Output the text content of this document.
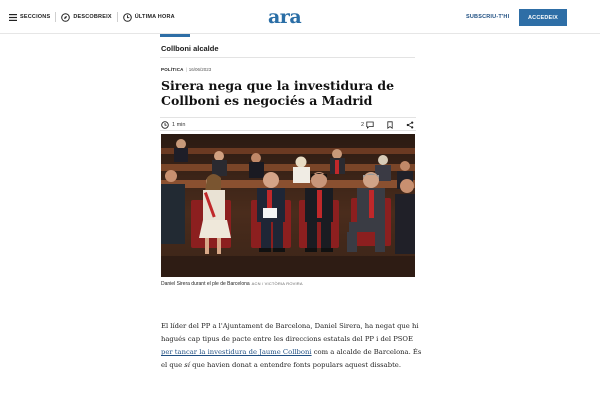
SECCIONS	DESCOBREIX	ÚLTIMA HORA	ara	SUBSCRIU-T'HI	ACCEDEIX
Collboni alcalde
POLÍTICA | 16/06/2023
Sirera nega que la investidura de Collboni es negociés a Madrid
1 min	2
Daniel Sirera durant el ple de Barcelona ACN / VICTÒRIA ROVIRA

El líder del PP a l'Ajuntament de Barcelona, Daniel Sirera, ha negat que hi hagués cap tipus de pacte entre les direccions estatals del PP i del PSOE per tancar la investidura de Jaume Collboni com a alcalde de Barcelona. És el que sí que havien donat a entendre fonts populars aquest dissabte.
